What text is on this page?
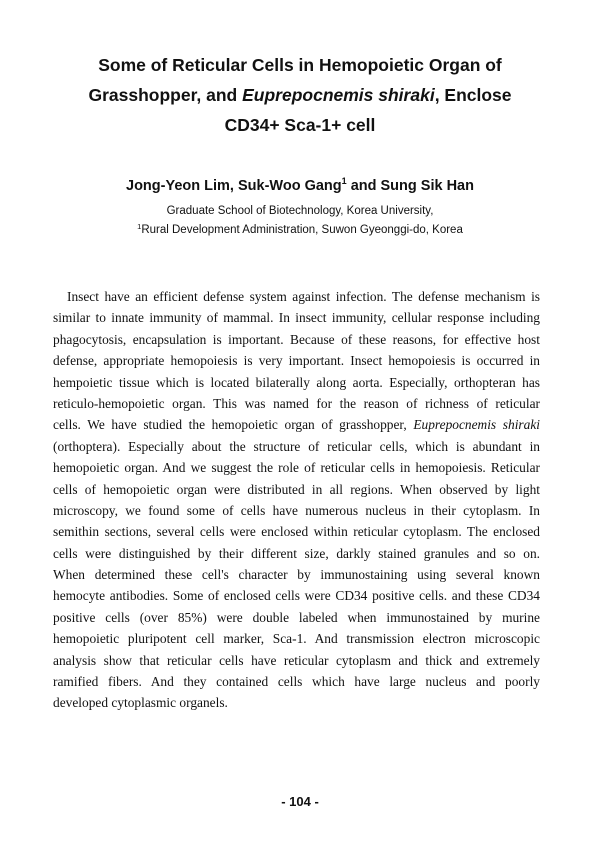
Some of Reticular Cells in Hemopoietic Organ of
Grasshopper, and Euprepocnemis shiraki, Enclose
CD34+ Sca-1+ cell
Jong-Yeon Lim, Suk-Woo Gang$^1$ and Sung Sik Han
Graduate School of Biotechnology, Korea University,
$^1$Rural Development Administration, Suwon Gyeonggi-do, Korea
Insect have an efficient defense system against infection. The defense mechanism is
similar to innate immunity of mammal. In insect immunity, cellular response including
phagocytosis, encapsulation is important. Because of these reasons, for effective host
defense, appropriate hemopoiesis is very important. Insect hemopoiesis is occurred in
hempoietic tissue which is located bilaterally along aorta. Especially, orthopteran has
reticulo-hemopoietic organ. This was named for the reason of richness of reticular
cells. We have studied the hemopoietic organ of grasshopper, Euprepocnemis shiraki
(orthoptera). Especially about the structure of reticular cells, which is abundant in
hemopoietic organ. And we suggest the role of reticular cells in hemopoiesis. Reticular
cells of hemopoietic organ were distributed in all regions. When observed by light
microscopy, we found some of cells have numerous nucleus in their cytoplasm. In
semithin sections, several cells were enclosed within reticular cytoplasm. The enclosed
cells were distinguished by their different size, darkly stained granules and so on.
When determined these cell's character by immunostaining using several known
hemocyte antibodies. Some of enclosed cells were CD34 positive cells. and these CD34
positive cells (over 85%) were double labeled when immunostained by murine
hemopoietic pluripotent cell marker, Sca-1. And transmission electron microscopic
analysis show that reticular cells have reticular cytoplasm and thick and extremely
ramified fibers. And they contained cells which have large nucleus and poorly
developed cytoplasmic organels.
- 104 -
